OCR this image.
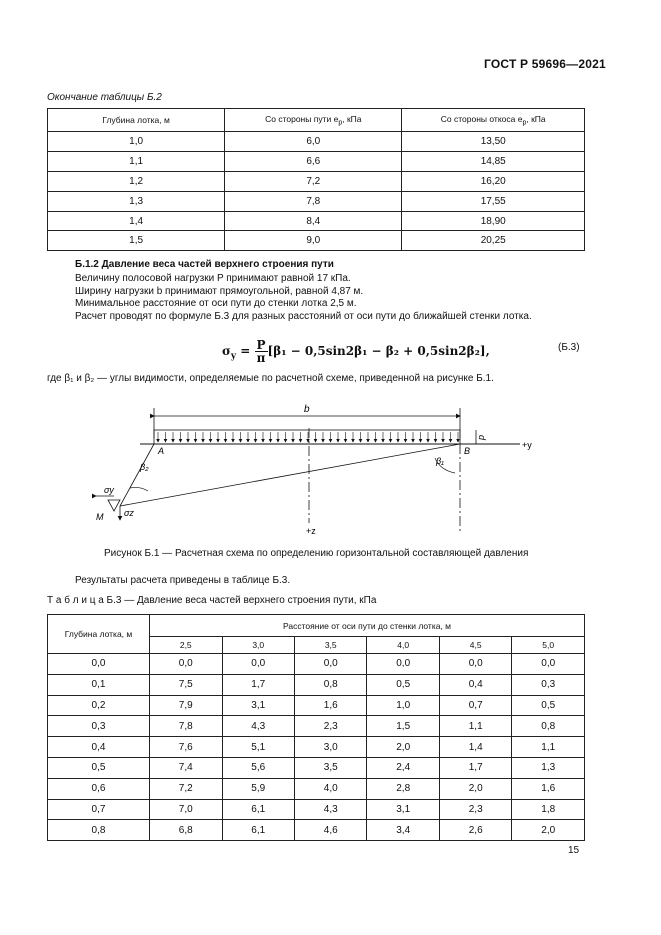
ГОСТ Р 59696—2021
Окончание таблицы Б.2
Глубина лотка, м	Со стороны пути $e_р$, кПа	Со стороны откоса $e_р$, кПа
1,0	6,0	13,50
1,1	6,6	14,85
1,2	7,2	16,20
1,3	7,8	17,55
1,4	8,4	18,90
1,5	9,0	20,25
Б.1.2 Давление веса частей верхнего строения пути
Величину полосовой нагрузки P принимают равной 17 кПа.
Ширину нагрузки b принимают прямоугольной, равной 4,87 м.
Минимальное расстояние от оси пути до стенки лотка 2,5 м.
Расчет проводят по формуле Б.3 для разных расстояний от оси пути до ближайшей стенки лотка.
$\sigma_y = \frac{P}{\pi} [\beta_1 - 0,5\sin 2\beta_1 - \beta_2 + 0,5\sin 2\beta_2]$,	(Б.3)
где β₁ и β₂ — углы видимости, определяемые по расчетной схеме, приведенной на рисунке Б.1.
b
p
+y
+z
β₂
β₁
A	B
σy
σz
M
Рисунок Б.1 — Расчетная схема по определению горизонтальной составляющей давления
Результаты расчета приведены в таблице Б.3.
Т а б л и ц а Б.3 — Давление веса частей верхнего строения пути, кПа
Глубина лотка, м	Расстояние от оси пути до стенки лотка, м					
	2,5	3,0	3,5	4,0	4,5	5,0
0,0	0,0	0,0	0,0	0,0	0,0	0,0
0,1	7,5	1,7	0,8	0,5	0,4	0,3
0,2	7,9	3,1	1,6	1,0	0,7	0,5
0,3	7,8	4,3	2,3	1,5	1,1	0,8
0,4	7,6	5,1	3,0	2,0	1,4	1,1
0,5	7,4	5,6	3,5	2,4	1,7	1,3
0,6	7,2	5,9	4,0	2,8	2,0	1,6
0,7	7,0	6,1	4,3	3,1	2,3	1,8
0,8	6,8	6,1	4,6	3,4	2,6	2,0
15
